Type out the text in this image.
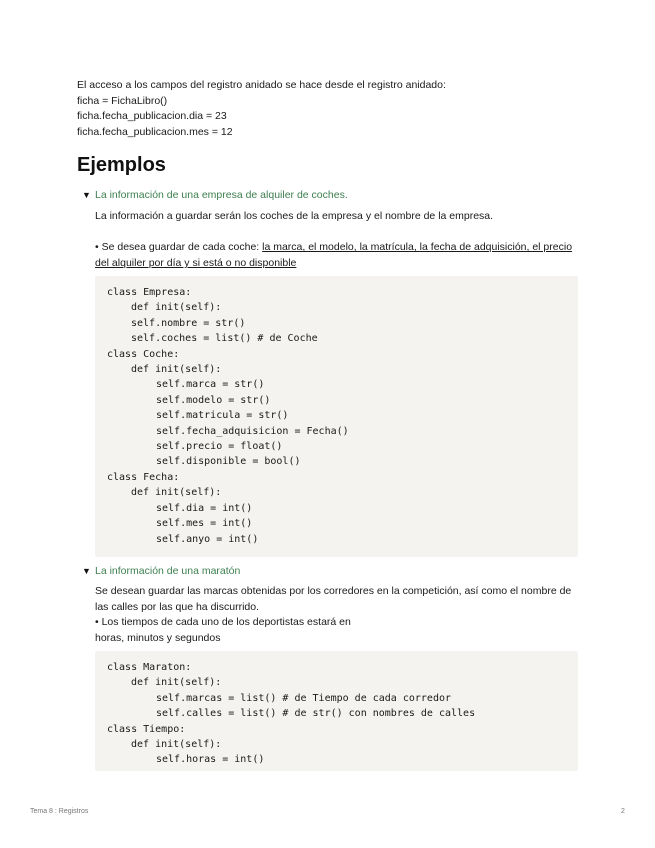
El acceso a los campos del registro anidado se hace desde el registro anidado:

ficha = FichaLibro()

ficha.fecha_publicacion.dia = 23

ficha.fecha_publicacion.mes = 12

Ejemplos
▼ La información de una empresa de alquiler de coches.

La información a guardar serán los coches de la empresa y el nombre de la empresa.

• Se desea guardar de cada coche: la marca, el modelo, la matrícula, la fecha de adquisición, el precio del alquiler por día y si está o no disponible

class Empresa:
def init(self):
self.nombre = str()
self.coches = list() # de Coche
class Coche:
def init(self):
self.marca = str()
self.modelo = str()
self.matricula = str()
self.fecha_adquisicion = Fecha()
self.precio = float()
self.disponible = bool()
class Fecha:
def init(self):
self.dia = int()
self.mes = int()
self.anyo = int()
▼ La información de una maratón

Se desean guardar las marcas obtenidas por los corredores en la competición, así como el nombre de las calles por las que ha discurrido.

• Los tiempos de cada uno de los deportistas estará en

horas, minutos y segundos

class Maraton:
def init(self):
self.marcas = list() # de Tiempo de cada corredor
self.calles = list() # de str() con nombres de calles
class Tiempo:
def init(self):
self.horas = int()
Tema 8 : Registros	2
